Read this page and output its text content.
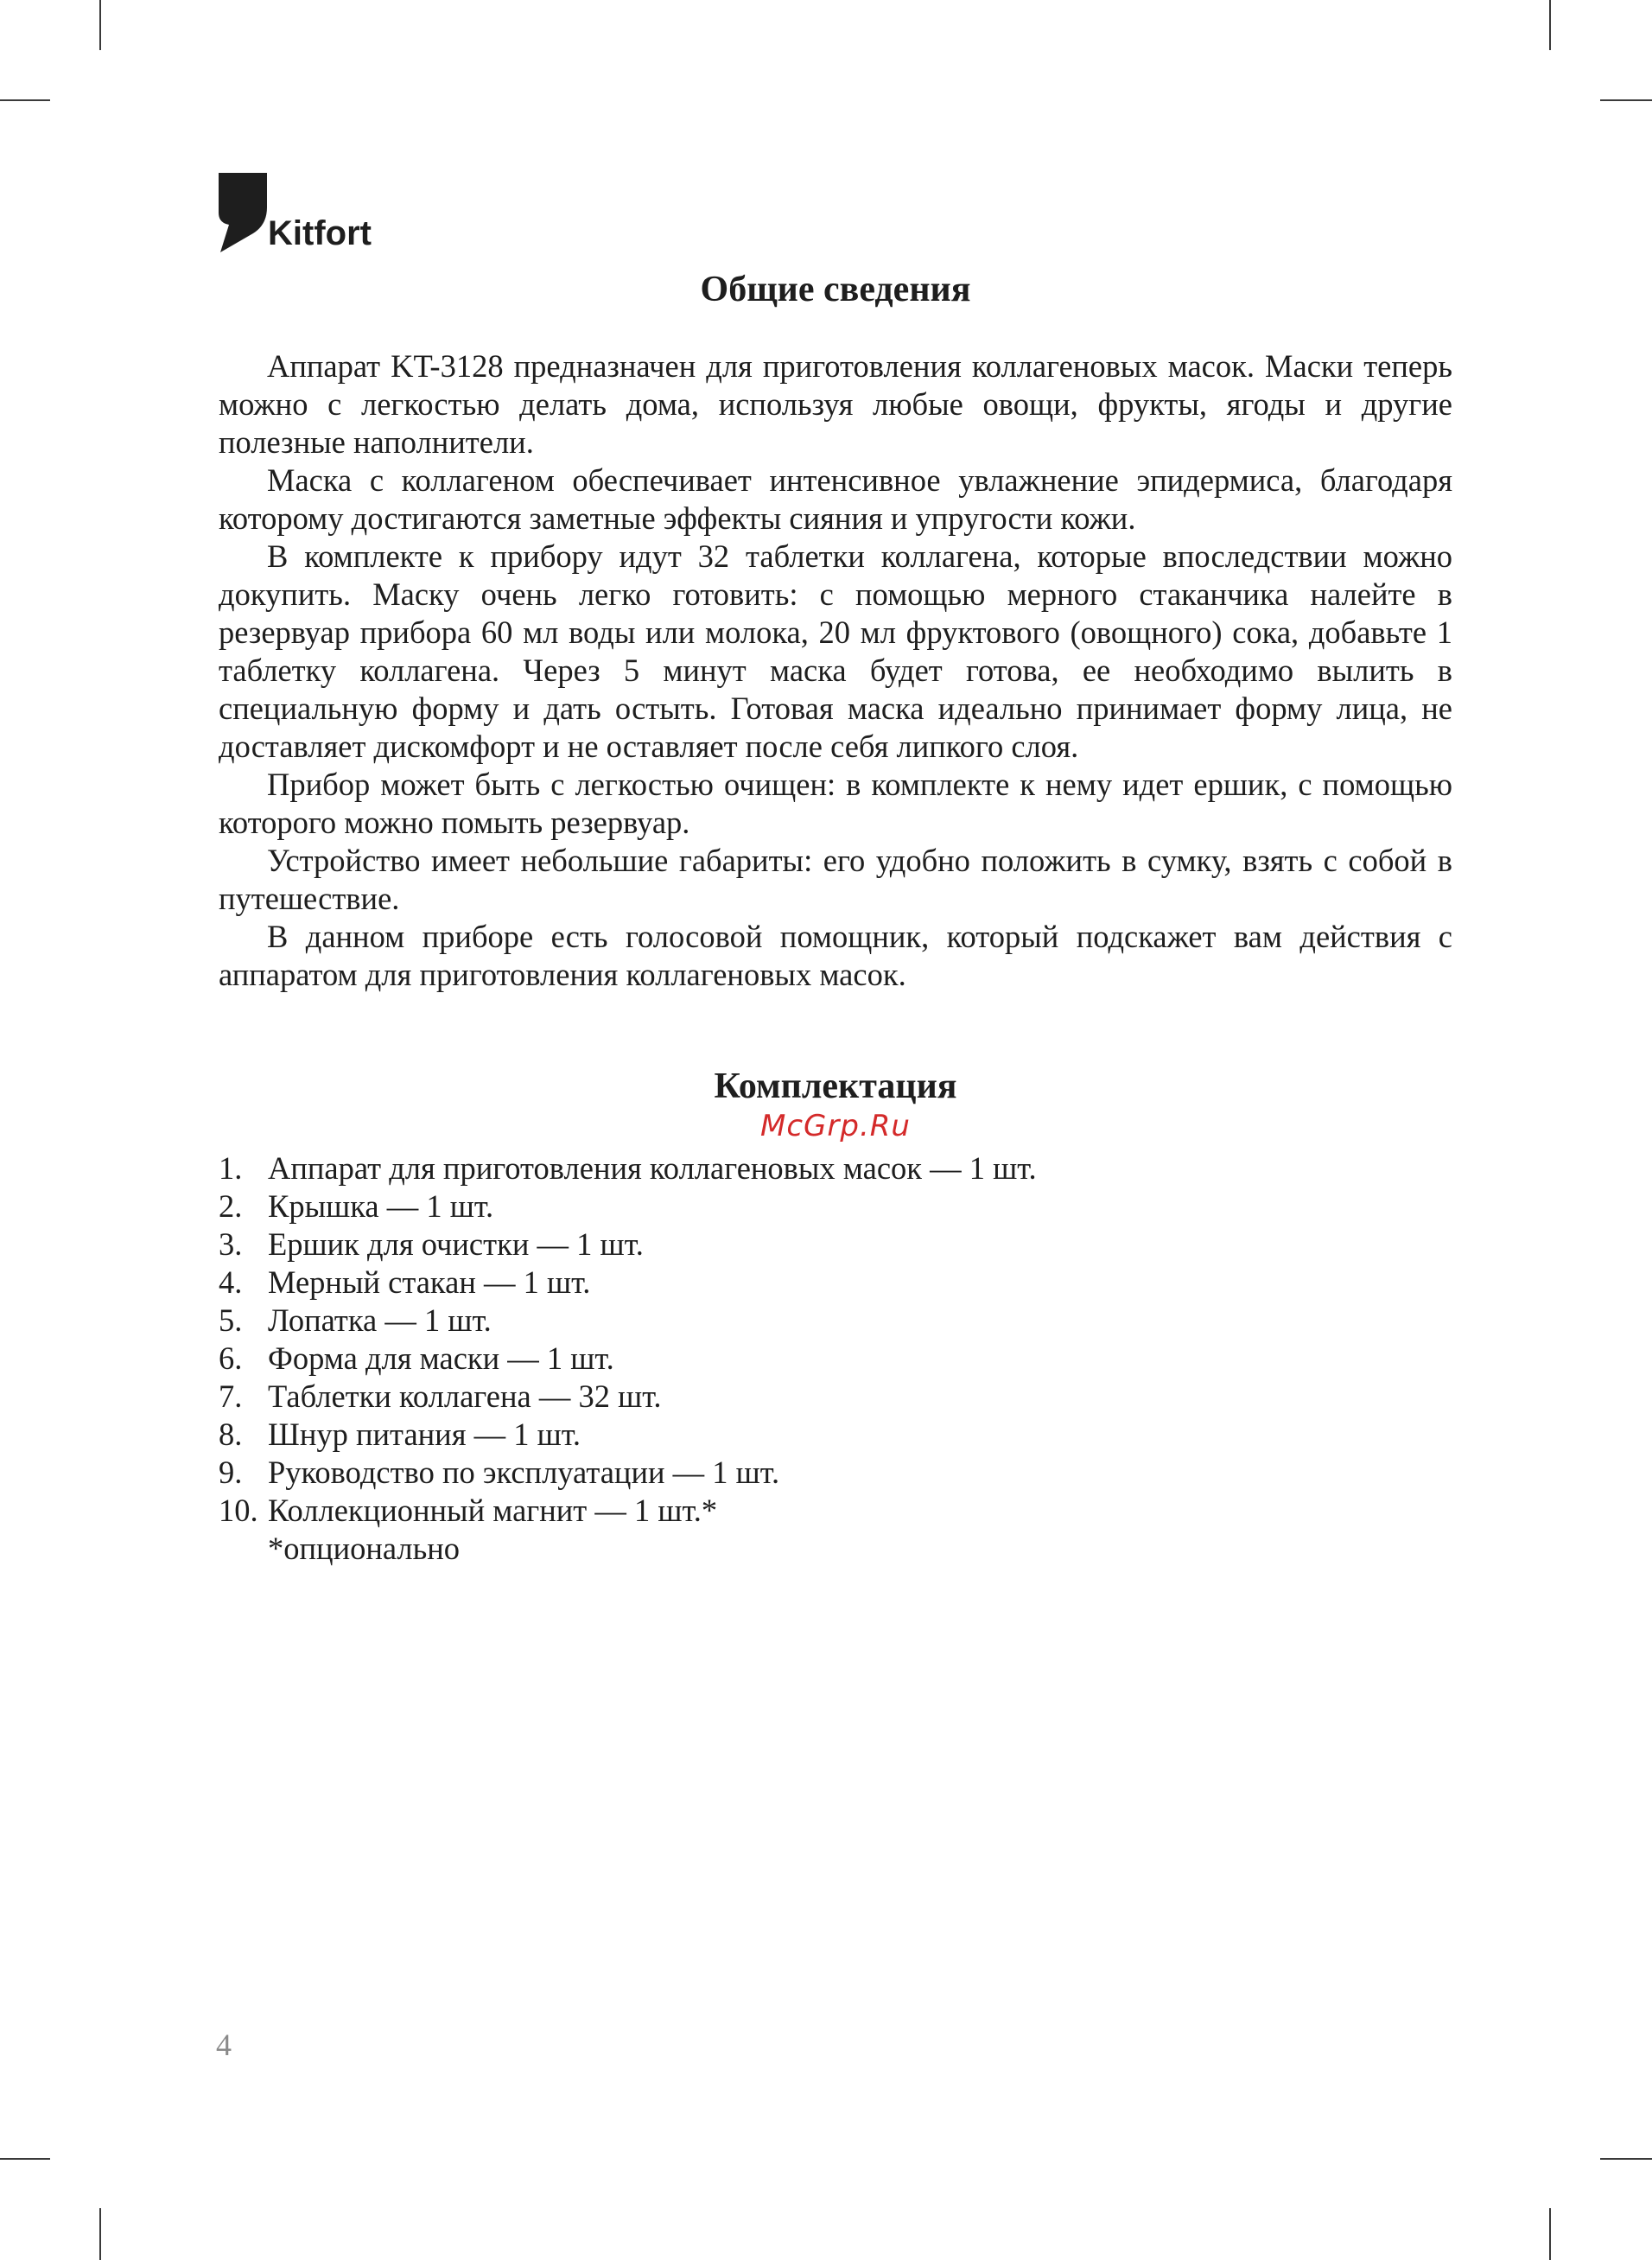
Kitfort
Общие сведения

Аппарат KT-3128 предназначен для приготовления коллагеновых масок. Маски теперь можно с легкостью делать дома, используя любые овощи, фрукты, ягоды и другие полезные наполнители.

Маска с коллагеном обеспечивает интенсивное увлажнение эпидермиса, благодаря которому достигаются заметные эффекты сияния и упругости кожи.

В комплекте к прибору идут 32 таблетки коллагена, которые впоследствии можно докупить. Маску очень легко готовить: с помощью мерного стаканчика налейте в резервуар прибора 60 мл воды или молока, 20 мл фруктового (овощного) сока, добавьте 1 таблетку коллагена. Через 5 минут маска будет готова, ее необходимо вылить в специальную форму и дать остыть. Готовая маска идеально принимает форму лица, не доставляет дискомфорт и не оставляет после себя липкого слоя.

Прибор может быть с легкостью очищен: в комплекте к нему идет ершик, с помощью которого можно помыть резервуар.

Устройство имеет небольшие габариты: его удобно положить в сумку, взять с собой в путешествие.

В данном приборе есть голосовой помощник, который подскажет вам действия с аппаратом для приготовления коллагеновых масок.

Комплектация
McGrp.Ru
1. Аппарат для приготовления коллагеновых масок — 1 шт.
2. Крышка — 1 шт.
3. Ершик для очистки — 1 шт.
4. Мерный стакан — 1 шт.
5. Лопатка — 1 шт.
6. Форма для маски — 1 шт.
7. Таблетки коллагена — 32 шт.
8. Шнур питания — 1 шт.
9. Руководство по эксплуатации — 1 шт.
10. Коллекционный магнит — 1 шт.*
*опционально
4
